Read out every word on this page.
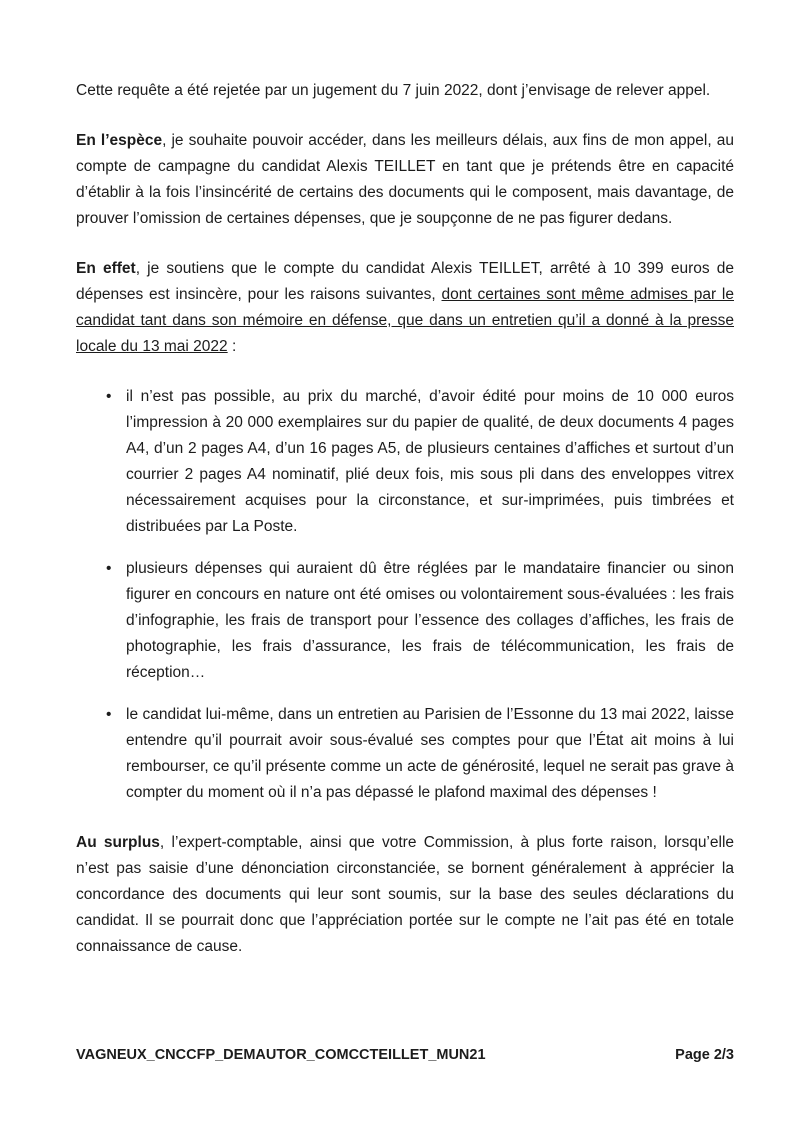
Cette requête a été rejetée par un jugement du 7 juin 2022, dont j’envisage de relever appel.

En l’espèce, je souhaite pouvoir accéder, dans les meilleurs délais, aux fins de mon appel, au compte de campagne du candidat Alexis TEILLET en tant que je prétends être en capacité d’établir à la fois l’insincérité de certains des documents qui le composent, mais davantage, de prouver l’omission de certaines dépenses, que je soupçonne de ne pas figurer dedans.

En effet, je soutiens que le compte du candidat Alexis TEILLET, arrêté à 10 399 euros de dépenses est insincère, pour les raisons suivantes, dont certaines sont même admises par le candidat tant dans son mémoire en défense, que dans un entretien qu’il a donné à la presse locale du 13 mai 2022 :

• il n’est pas possible, au prix du marché, d’avoir édité pour moins de 10 000 euros l’impression à 20 000 exemplaires sur du papier de qualité, de deux documents 4 pages A4, d’un 2 pages A4, d’un 16 pages A5, de plusieurs centaines d’affiches et surtout d’un courrier 2 pages A4 nominatif, plié deux fois, mis sous pli dans des enveloppes vitrex nécessairement acquises pour la circonstance, et sur-imprimées, puis timbrées et distribuées par La Poste.
• plusieurs dépenses qui auraient dû être réglées par le mandataire financier ou sinon figurer en concours en nature ont été omises ou volontairement sous-évaluées : les frais d’infographie, les frais de transport pour l’essence des collages d’affiches, les frais de photographie, les frais d’assurance, les frais de télécommunication, les frais de réception…
• le candidat lui-même, dans un entretien au Parisien de l’Essonne du 13 mai 2022, laisse entendre qu’il pourrait avoir sous-évalué ses comptes pour que l’État ait moins à lui rembourser, ce qu’il présente comme un acte de générosité, lequel ne serait pas grave à compter du moment où il n’a pas dépassé le plafond maximal des dépenses !

Au surplus, l’expert-comptable, ainsi que votre Commission, à plus forte raison, lorsqu’elle n’est pas saisie d’une dénonciation circonstanciée, se bornent généralement à apprécier la concordance des documents qui leur sont soumis, sur la base des seules déclarations du candidat. Il se pourrait donc que l’appréciation portée sur le compte ne l’ait pas été en totale connaissance de cause.

VAGNEUX_CNCCFP_DEMAUTOR_COMCCTEILLET_MUN21	Page 2/3
